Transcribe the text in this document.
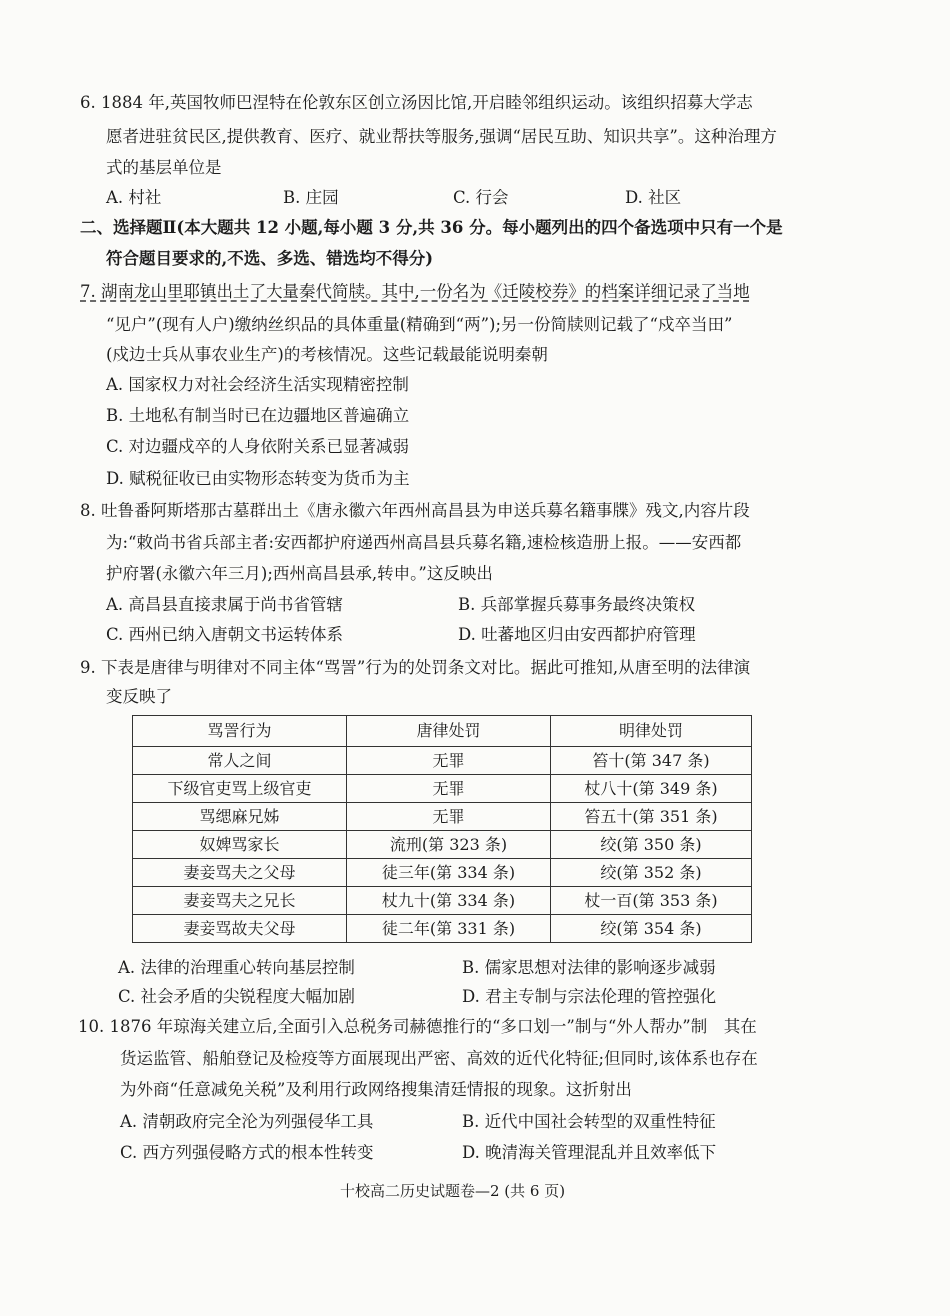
6. 1884 年,英国牧师巴涅特在伦敦东区创立汤因比馆,开启睦邻组织运动。该组织招募大学志
愿者进驻贫民区,提供教育、医疗、就业帮扶等服务,强调“居民互助、知识共享”。这种治理方
式的基层单位是
A. 村社	B. 庄园	C. 行会	D. 社区
二、选择题Ⅱ(本大题共 12 小题,每小题 3 分,共 36 分。每小题列出的四个备选项中只有一个是
符合题目要求的,不选、多选、错选均不得分)
7. 湖南龙山里耶镇出土了大量秦代简牍。其中,一份名为《迁陵校券》的档案详细记录了当地
“见户”(现有人户)缴纳丝织品的具体重量(精确到“两”);另一份简牍则记载了“戍卒当田”
(戍边士兵从事农业生产)的考核情况。这些记载最能说明秦朝
A. 国家权力对社会经济生活实现精密控制
B. 土地私有制当时已在边疆地区普遍确立
C. 对边疆戍卒的人身依附关系已显著减弱
D. 赋税征收已由实物形态转变为货币为主
8. 吐鲁番阿斯塔那古墓群出土《唐永徽六年西州高昌县为申送兵募名籍事牒》残文,内容片段
为:“敕尚书省兵部主者:安西都护府递西州高昌县兵募名籍,速检核造册上报。——安西都
护府署(永徽六年三月);西州高昌县承,转申。”这反映出
A. 高昌县直接隶属于尚书省管辖	B. 兵部掌握兵募事务最终决策权
C. 西州已纳入唐朝文书运转体系	D. 吐蕃地区归由安西都护府管理
9. 下表是唐律与明律对不同主体“骂詈”行为的处罚条文对比。据此可推知,从唐至明的法律演
变反映了
A. 法律的治理重心转向基层控制	B. 儒家思想对法律的影响逐步减弱
C. 社会矛盾的尖锐程度大幅加剧	D. 君主专制与宗法伦理的管控强化
10. 1876 年琼海关建立后,全面引入总税务司赫德推行的“多口划一”制与“外人帮办”制　其在
货运监管、船舶登记及检疫等方面展现出严密、高效的近代化特征;但同时,该体系也存在
为外商“任意减免关税”及利用行政网络搜集清廷情报的现象。这折射出
A. 清朝政府完全沦为列强侵华工具	B. 近代中国社会转型的双重性特征
C. 西方列强侵略方式的根本性转变	D. 晚清海关管理混乱并且效率低下
十校高二历史试题卷—2 (共 6 页)
骂詈行为	唐律处罚	明律处罚
常人之间	无罪	笞十(第 347 条)
下级官吏骂上级官吏	无罪	杖八十(第 349 条)
骂缌麻兄姊	无罪	笞五十(第 351 条)
奴婢骂家长	流刑(第 323 条)	绞(第 350 条)
妻妾骂夫之父母	徒三年(第 334 条)	绞(第 352 条)
妻妾骂夫之兄长	杖九十(第 334 条)	杖一百(第 353 条)
妻妾骂故夫父母	徒二年(第 331 条)	绞(第 354 条)
